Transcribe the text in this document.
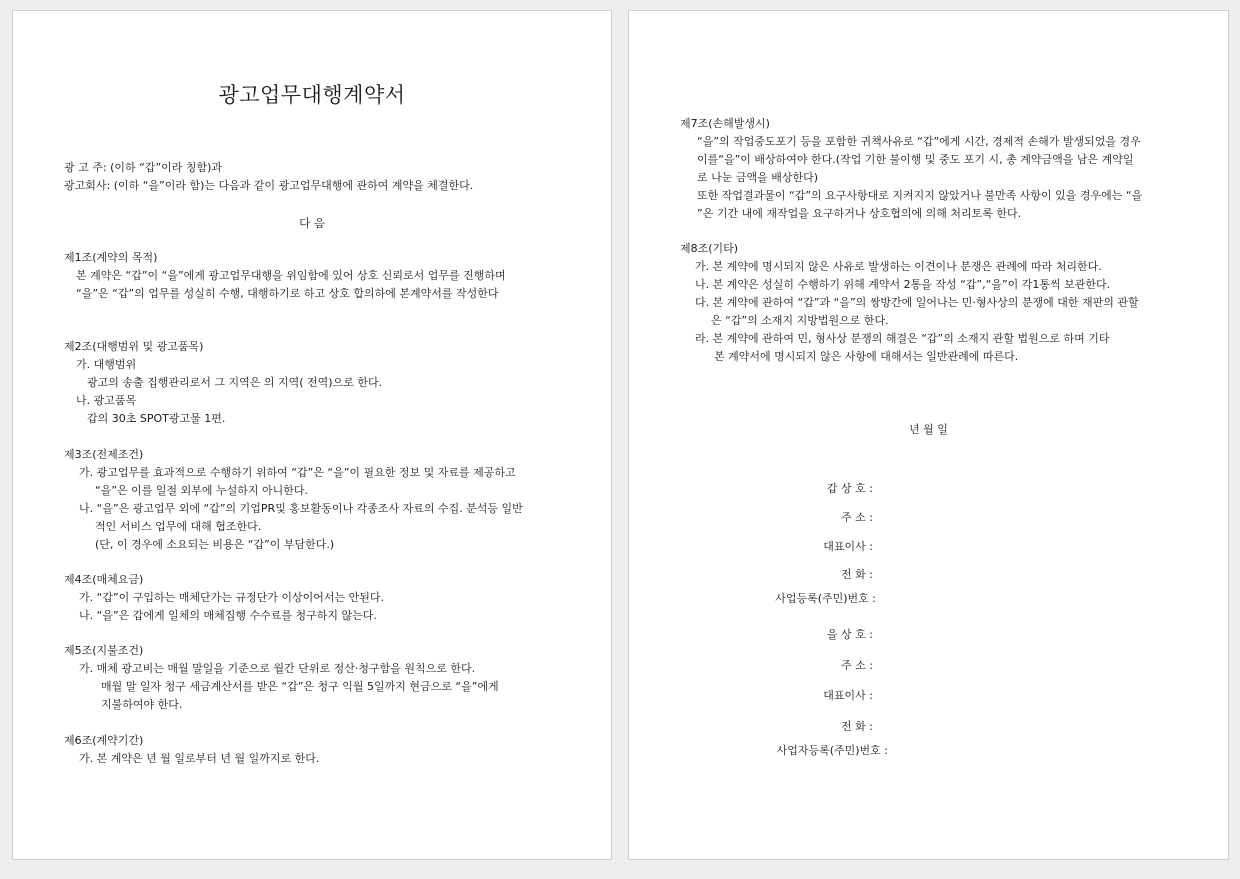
광고업무대행계약서
광 고 주: (이하 “갑”이라 칭함)과
광고회사: (이하 “을”이라 함)는 다음과 같이 광고업무대행에 관하여 계약을 체결한다.
다 음
제1조(계약의 목적)
본 계약은 “갑”이 “을”에게 광고업무대행을 위임함에 있어 상호 신뢰로서 업무를 진행하며
“을”은 “갑”의 업무를 성실히 수행, 대행하기로 하고 상호 합의하에 본계약서를 작성한다
제2조(대행범위 및 광고품목)
가. 대행범위
광고의 송출 집행관리로서 그 지역은 의 지역( 전역)으로 한다.
나. 광고품목
갑의 30초 SPOT광고물 1편.
제3조(전제조건)
가. 광고업무를 효과적으로 수행하기 위하여 “갑”은 “을”이 필요한 정보 및 자료를 제공하고
“을”은 이를 일절 외부에 누설하지 아니한다.
나. “을”은 광고업무 외에 “갑”의 기업PR및 홍보활동이나 각종조사 자료의 수집. 분석등 일반
적인 서비스 업무에 대해 협조한다.
(단, 이 경우에 소요되는 비용은 “갑”이 부담한다.)
제4조(매체요금)
가. “갑”이 구입하는 매체단가는 규정단가 이상이어서는 안된다.
나. “을”은 갑에게 일체의 매체집행 수수료를 청구하지 않는다.
제5조(지불조건)
가. 매체 광고비는 매월 말일을 기준으로 월간 단위로 정산·청구함을 원칙으로 한다.
매월 말 일자 청구 세금계산서를 받은 “갑”은 청구 익월 5일까지 현금으로 “을”에게
지불하여야 한다.
제6조(계약기간)
가. 본 계약은 년 월 일로부터 년 월 일까지로 한다.
제7조(손해발생시)
“을”의 작업중도포기 등을 포함한 귀책사유로 “갑”에게 시간, 경제적 손해가 발생되었을 경우
이를“을”이 배상하여야 한다.(작업 기한 불이행 및 중도 포기 시, 총 계약금액을 남은 계약일
로 나눈 금액을 배상한다)
또한 작업결과물이 “갑”의 요구사항대로 지켜지지 않았거나 불만족 사항이 있을 경우에는 “을
”은 기간 내에 재작업을 요구하거나 상호협의에 의해 처리토록 한다.
제8조(기타)
가. 본 계약에 명시되지 않은 사유로 발생하는 이견이나 분쟁은 관례에 따라 처리한다.
나. 본 계약은 성실히 수행하기 위해 계약서 2통을 작성 “갑”,“을”이 각1통씩 보관한다.
다. 본 계약에 관하여 “갑”과 “을”의 쌍방간에 일어나는 민·형사상의 분쟁에 대한 재판의 관할
은 “갑”의 소재지 지방법원으로 한다.
라. 본 계약에 관하여 민, 형사상 분쟁의 해결은 “갑”의 소재지 관할 법원으로 하며 기타
본 계약서에 명시되지 않은 사항에 대해서는 일반관례에 따른다.
년 월 일
갑 상 호 :
주 소 :
대표이사 :
전 화 :
사업등록(주민)번호 :
을 상 호 :
주 소 :
대표이사 :
전 화 :
사업자등록(주민)번호 :
